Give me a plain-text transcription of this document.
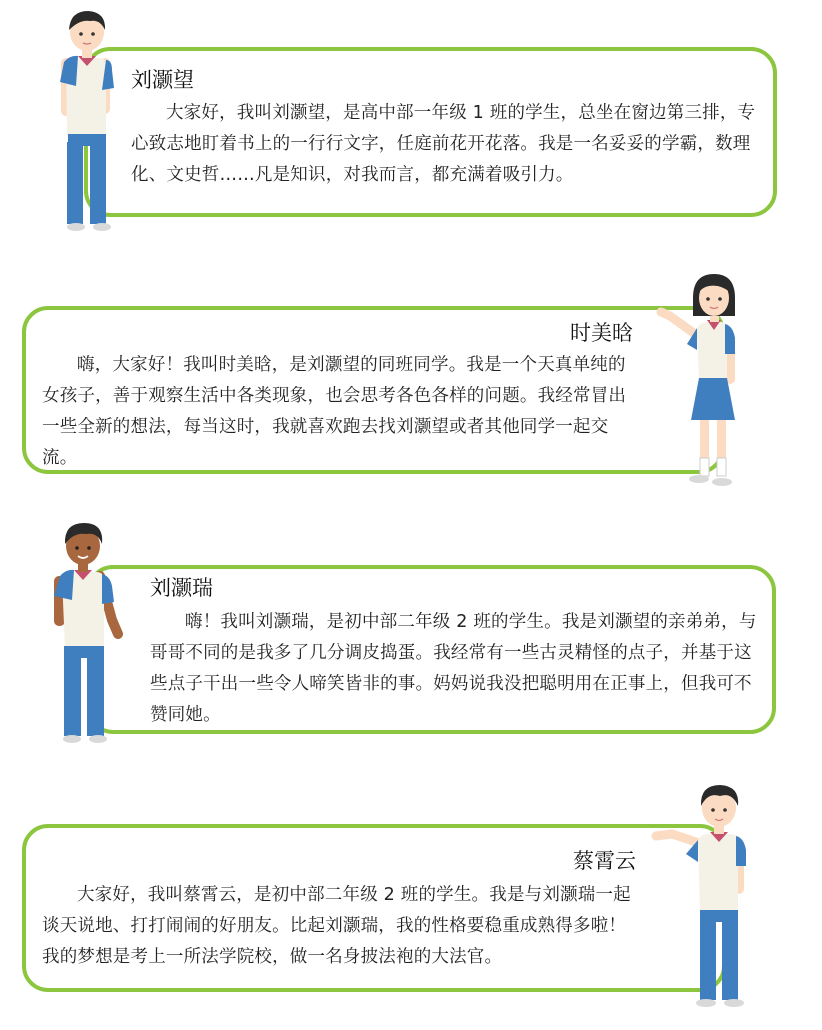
刘灏望

大家好，我叫刘灏望，是高中部一年级 1 班的学生，总坐在窗边第三排，专心致志地盯着书上的一行行文字，任庭前花开花落。我是一名妥妥的学霸，数理化、文史哲……凡是知识，对我而言，都充满着吸引力。

时美晗

嗨，大家好！我叫时美晗，是刘灏望的同班同学。我是一个天真单纯的女孩子，善于观察生活中各类现象，也会思考各色各样的问题。我经常冒出一些全新的想法，每当这时，我就喜欢跑去找刘灏望或者其他同学一起交流。

刘灏瑞

嗨！我叫刘灏瑞，是初中部二年级 2 班的学生。我是刘灏望的亲弟弟，与哥哥不同的是我多了几分调皮捣蛋。我经常有一些古灵精怪的点子，并基于这些点子干出一些令人啼笑皆非的事。妈妈说我没把聪明用在正事上，但我可不赞同她。

蔡霄云

大家好，我叫蔡霄云，是初中部二年级 2 班的学生。我是与刘灏瑞一起谈天说地、打打闹闹的好朋友。比起刘灏瑞，我的性格要稳重成熟得多啦！我的梦想是考上一所法学院校，做一名身披法袍的大法官。
